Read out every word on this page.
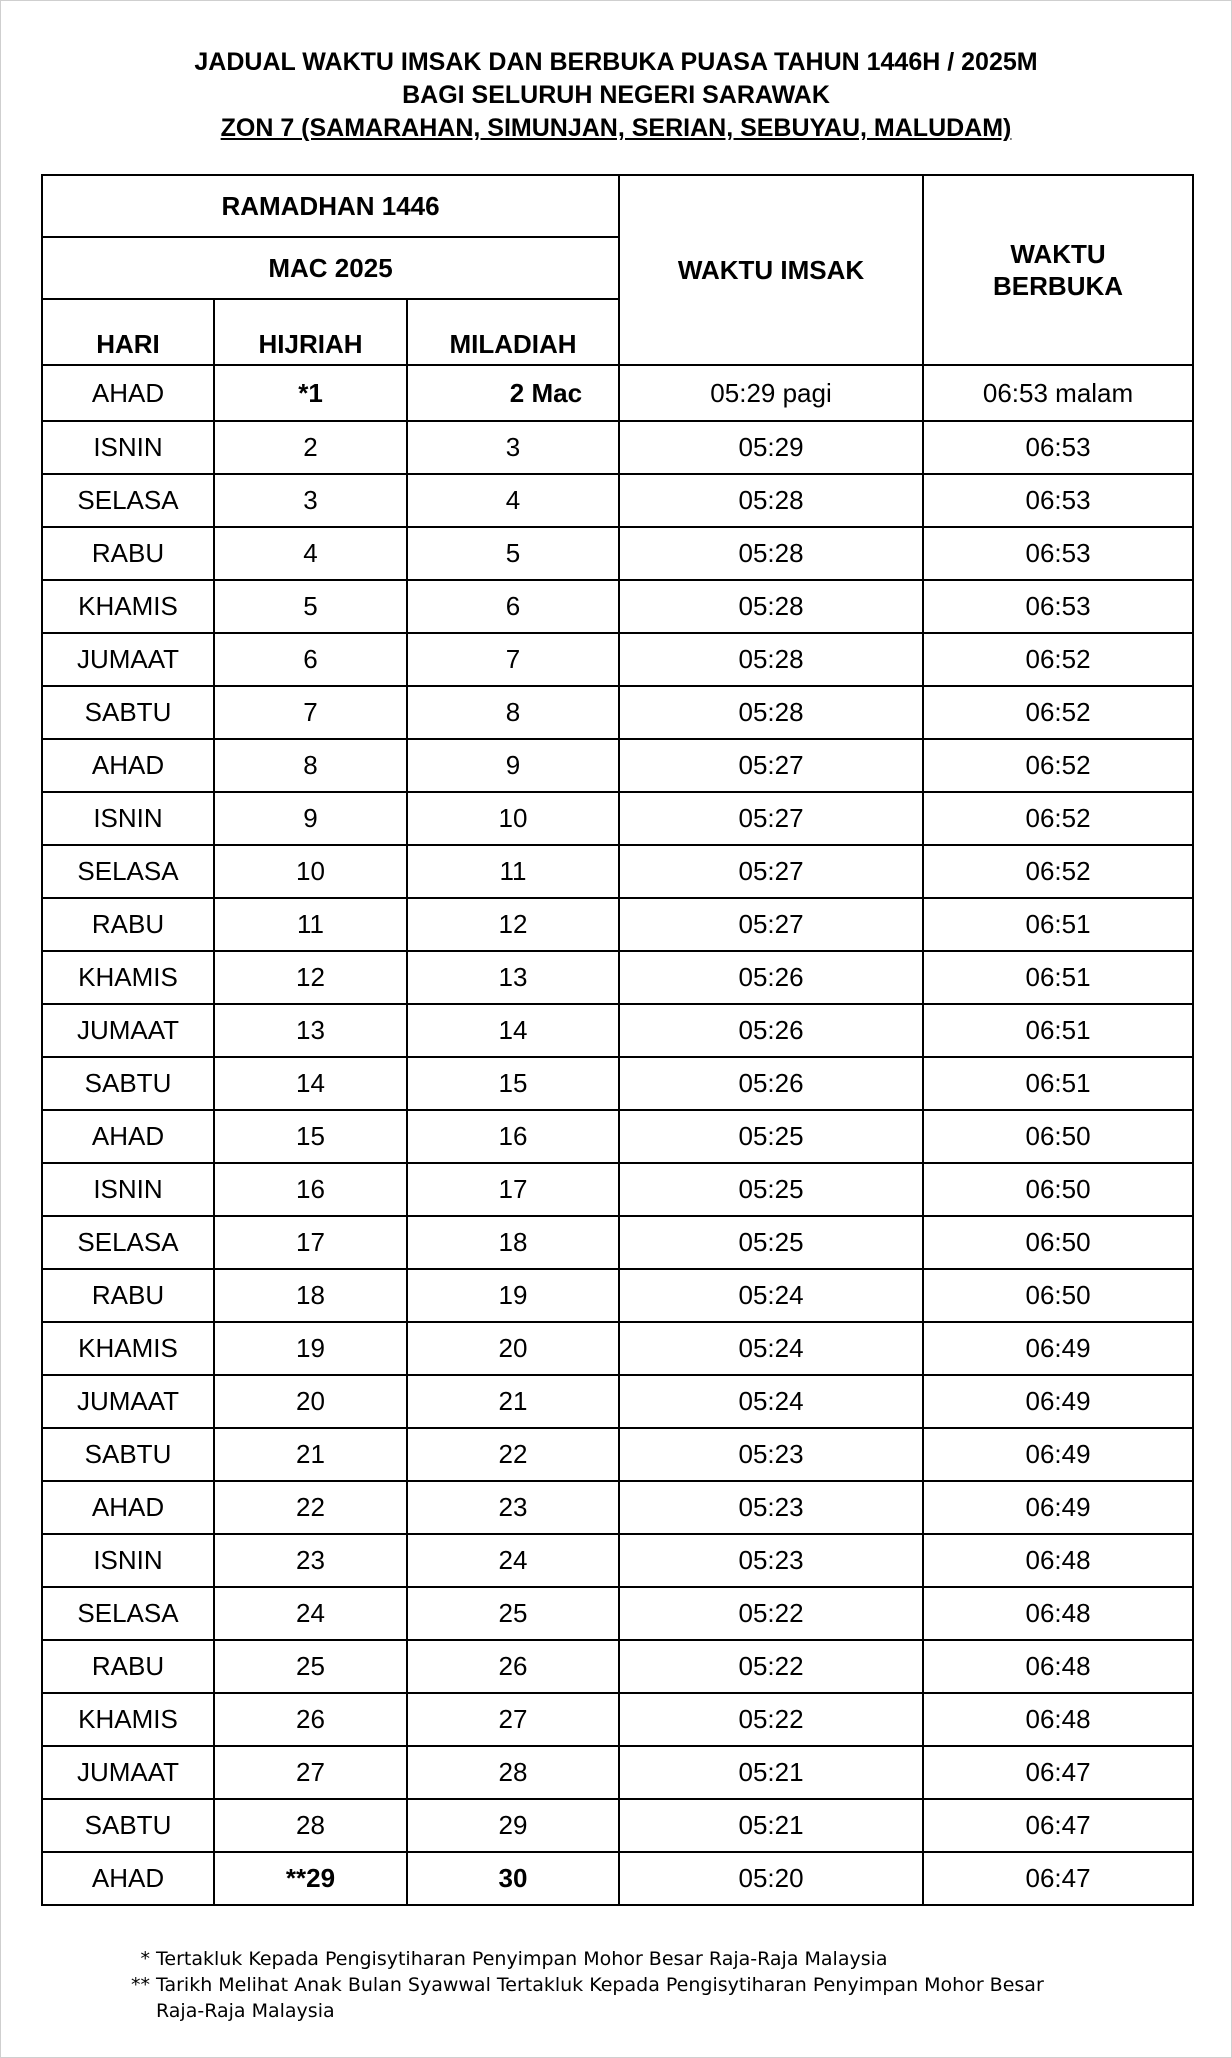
JADUAL WAKTU IMSAK DAN BERBUKA PUASA TAHUN 1446H / 2025M
BAGI SELURUH NEGERI SARAWAK
ZON 7 (SAMARAHAN, SIMUNJAN, SERIAN, SEBUYAU, MALUDAM)
RAMADHAN 1446			WAKTU IMSAK	WAKTU
BERBUKA
MAC 2025				
HARI	HIJRIAH	MILADIAH		
AHAD	*1	2 Mac	05:29 pagi	06:53 malam
ISNIN	2	3	05:29	06:53
SELASA	3	4	05:28	06:53
RABU	4	5	05:28	06:53
KHAMIS	5	6	05:28	06:53
JUMAAT	6	7	05:28	06:52
SABTU	7	8	05:28	06:52
AHAD	8	9	05:27	06:52
ISNIN	9	10	05:27	06:52
SELASA	10	11	05:27	06:52
RABU	11	12	05:27	06:51
KHAMIS	12	13	05:26	06:51
JUMAAT	13	14	05:26	06:51
SABTU	14	15	05:26	06:51
AHAD	15	16	05:25	06:50
ISNIN	16	17	05:25	06:50
SELASA	17	18	05:25	06:50
RABU	18	19	05:24	06:50
KHAMIS	19	20	05:24	06:49
JUMAAT	20	21	05:24	06:49
SABTU	21	22	05:23	06:49
AHAD	22	23	05:23	06:49
ISNIN	23	24	05:23	06:48
SELASA	24	25	05:22	06:48
RABU	25	26	05:22	06:48
KHAMIS	26	27	05:22	06:48
JUMAAT	27	28	05:21	06:47
SABTU	28	29	05:21	06:47
AHAD	**29	30	05:20	06:47
* Tertakluk Kepada Pengisytiharan Penyimpan Mohor Besar Raja-Raja Malaysia
** Tarikh Melihat Anak Bulan Syawwal Tertakluk Kepada Pengisytiharan Penyimpan Mohor Besar
Raja-Raja Malaysia
